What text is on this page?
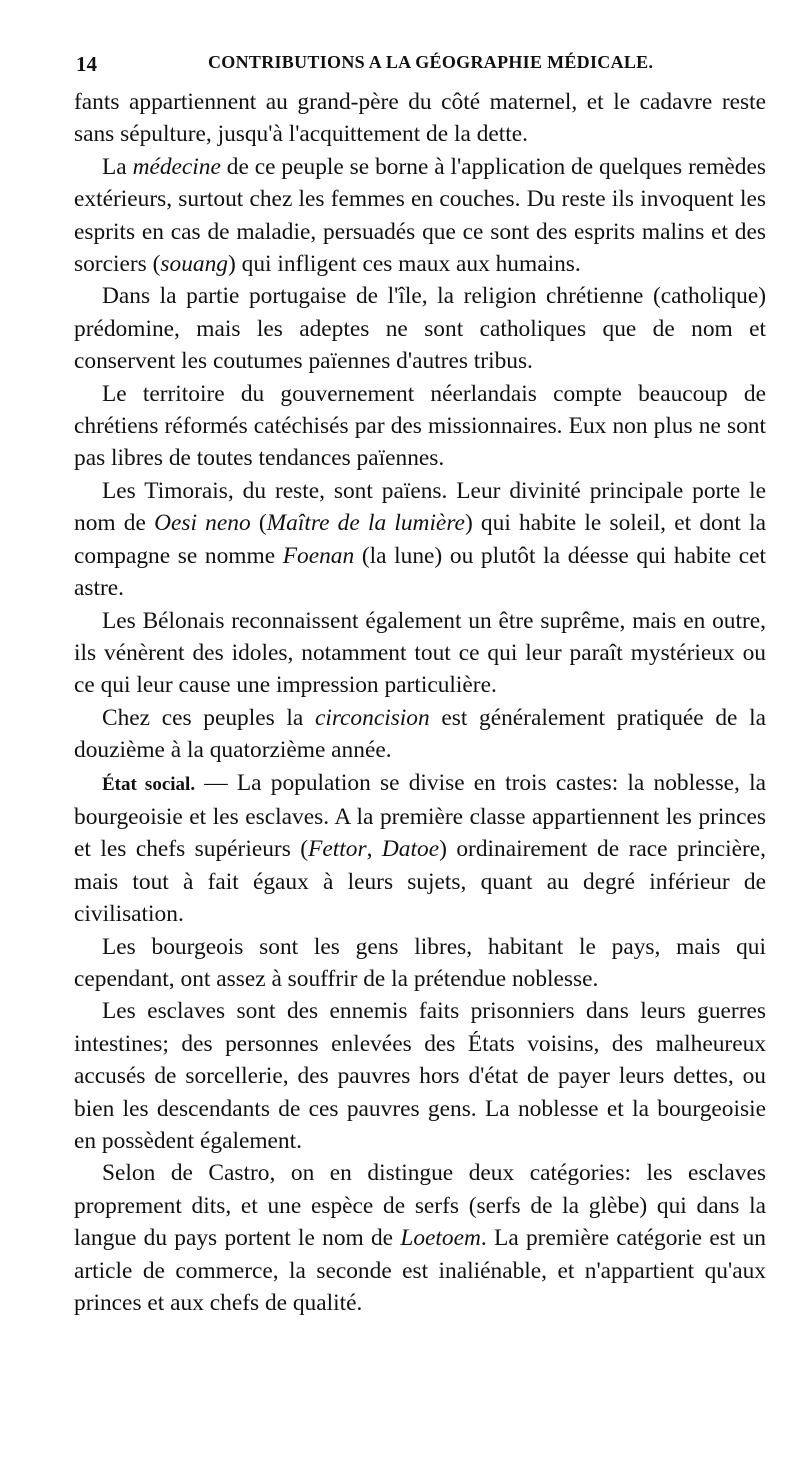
14	CONTRIBUTIONS A LA GÉOGRAPHIE MÉDICALE.

fants appartiennent au grand-père du côté maternel, et le cadavre reste sans sépulture, jusqu'à l'acquittement de la dette.

La médecine de ce peuple se borne à l'application de quelques remèdes extérieurs, surtout chez les femmes en couches. Du reste ils invoquent les esprits en cas de maladie, persuadés que ce sont des esprits malins et des sorciers (souang) qui infligent ces maux aux humains.

Dans la partie portugaise de l'île, la religion chrétienne (catholique) prédomine, mais les adeptes ne sont catholiques que de nom et conservent les coutumes païennes d'autres tribus.

Le territoire du gouvernement néerlandais compte beaucoup de chrétiens réformés catéchisés par des missionnaires. Eux non plus ne sont pas libres de toutes tendances païennes.

Les Timorais, du reste, sont païens. Leur divinité principale porte le nom de Oesi neno (Maître de la lumière) qui habite le soleil, et dont la compagne se nomme Foenan (la lune) ou plutôt la déesse qui habite cet astre.

Les Bélonais reconnaissent également un être suprême, mais en outre, ils vénèrent des idoles, notamment tout ce qui leur paraît mystérieux ou ce qui leur cause une impression particulière.

Chez ces peuples la circoncision est généralement pratiquée de la douzième à la quatorzième année.

État social. — La population se divise en trois castes: la noblesse, la bourgeoisie et les esclaves. A la première classe appartiennent les princes et les chefs supérieurs (Fettor, Datoe) ordinairement de race princière, mais tout à fait égaux à leurs sujets, quant au degré inférieur de civilisation.

Les bourgeois sont les gens libres, habitant le pays, mais qui cependant, ont assez à souffrir de la prétendue noblesse.

Les esclaves sont des ennemis faits prisonniers dans leurs guerres intestines; des personnes enlevées des États voisins, des malheureux accusés de sorcellerie, des pauvres hors d'état de payer leurs dettes, ou bien les descendants de ces pauvres gens. La noblesse et la bourgeoisie en possèdent également.

Selon de Castro, on en distingue deux catégories: les esclaves proprement dits, et une espèce de serfs (serfs de la glèbe) qui dans la langue du pays portent le nom de Loetoem. La première catégorie est un article de commerce, la seconde est inaliénable, et n'appartient qu'aux princes et aux chefs de qualité.
